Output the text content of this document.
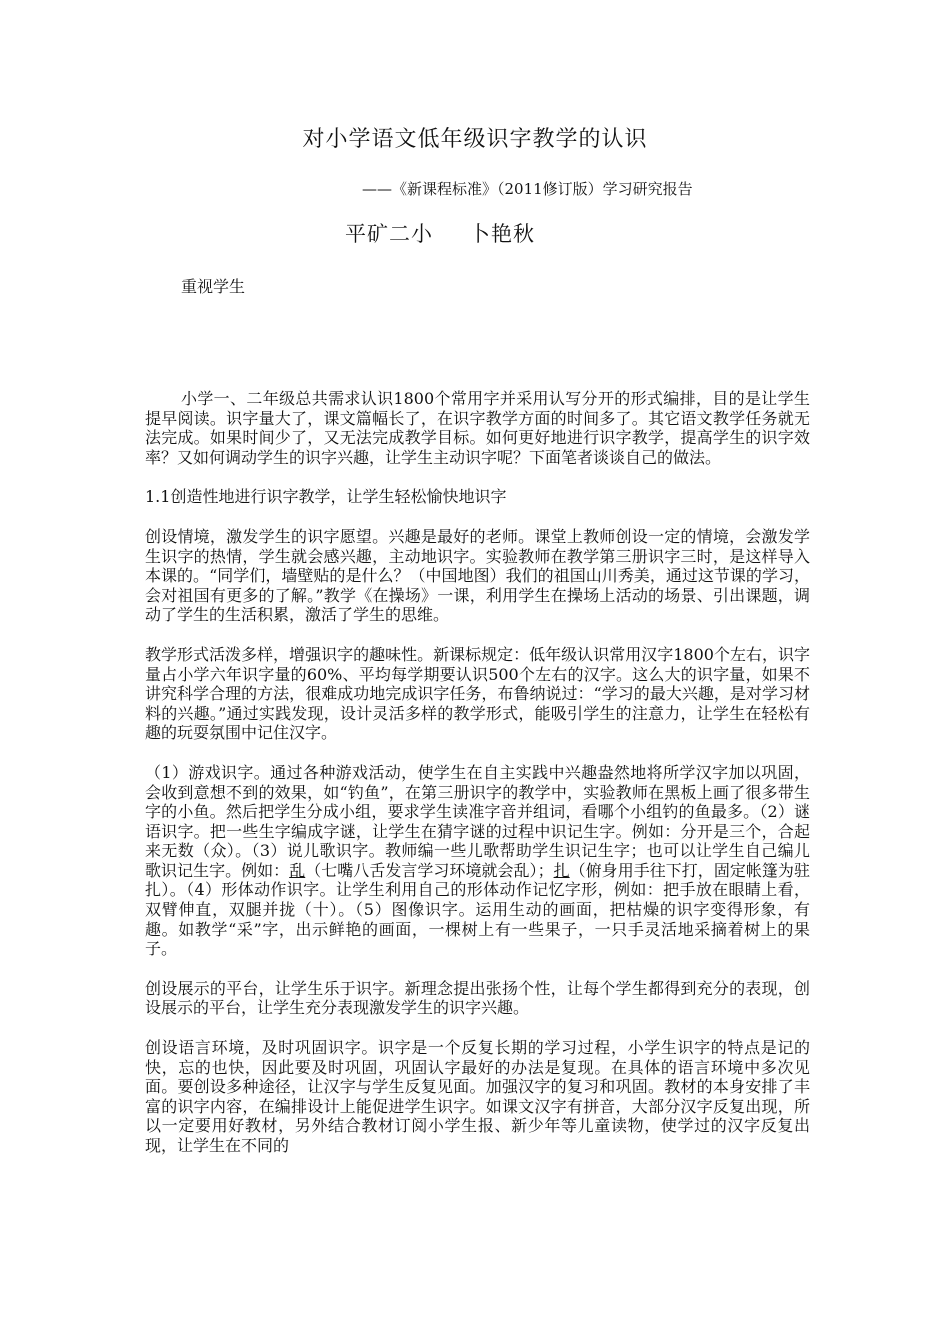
对小学语文低年级识字教学的认识
——《新课程标准》（2011修订版）学习研究报告
平矿二小 卜艳秋
重视学生

小学一、二年级总共需求认识1800个常用字并采用认写分开的形式编排，目的是让学生提早阅读。识字量大了，课文篇幅长了，在识字教学方面的时间多了。其它语文教学任务就无法完成。如果时间少了，又无法完成教学目标。如何更好地进行识字教学，提高学生的识字效率？又如何调动学生的识字兴趣，让学生主动识字呢？下面笔者谈谈自己的做法。

1.1创造性地进行识字教学，让学生轻松愉快地识字

创设情境，激发学生的识字愿望。兴趣是最好的老师。课堂上教师创设一定的情境，会激发学生识字的热情，学生就会感兴趣，主动地识字。实验教师在教学第三册识字三时，是这样导入本课的。“同学们，墙壁贴的是什么？（中国地图）我们的祖国山川秀美，通过这节课的学习，会对祖国有更多的了解。”教学《在操场》一课，利用学生在操场上活动的场景、引出课题，调动了学生的生活积累，激活了学生的思维。

教学形式活泼多样，增强识字的趣味性。新课标规定：低年级认识常用汉字1800个左右，识字量占小学六年识字量的60%、平均每学期要认识500个左右的汉字。这么大的识字量，如果不讲究科学合理的方法，很难成功地完成识字任务，布鲁纳说过：“学习的最大兴趣，是对学习材料的兴趣。”通过实践发现，设计灵活多样的教学形式，能吸引学生的注意力，让学生在轻松有趣的玩耍氛围中记住汉字。

（1）游戏识字。通过各种游戏活动，使学生在自主实践中兴趣盎然地将所学汉字加以巩固，会收到意想不到的效果，如“钓鱼”，在第三册识字的教学中，实验教师在黑板上画了很多带生字的小鱼。然后把学生分成小组，要求学生读准字音并组词，看哪个小组钓的鱼最多。（2）谜语识字。把一些生字编成字谜，让学生在猜字谜的过程中识记生字。例如：分开是三个，合起来无数（众）。（3）说儿歌识字。教师编一些儿歌帮助学生识记生字；也可以让学生自己编儿歌识记生字。例如：乱（七嘴八舌发言学习环境就会乱）；扎（俯身用手往下打，固定帐篷为驻扎）。（4）形体动作识字。让学生利用自己的形体动作记忆字形，例如：把手放在眼睛上看，双臂伸直，双腿并拢（十）。（5）图像识字。运用生动的画面，把枯燥的识字变得形象，有趣。如教学“采”字，出示鲜艳的画面，一棵树上有一些果子，一只手灵活地采摘着树上的果子。

创设展示的平台，让学生乐于识字。新理念提出张扬个性，让每个学生都得到充分的表现，创设展示的平台，让学生充分表现激发学生的识字兴趣。

创设语言环境，及时巩固识字。识字是一个反复长期的学习过程，小学生识字的特点是记的快，忘的也快，因此要及时巩固，巩固认字最好的办法是复现。在具体的语言环境中多次见面。要创设多种途径，让汉字与学生反复见面。加强汉字的复习和巩固。教材的本身安排了丰富的识字内容，在编排设计上能促进学生识字。如课文汉字有拼音，大部分汉字反复出现，所以一定要用好教材，另外结合教材订阅小学生报、新少年等儿童读物，使学过的汉字反复出现，让学生在不同的
